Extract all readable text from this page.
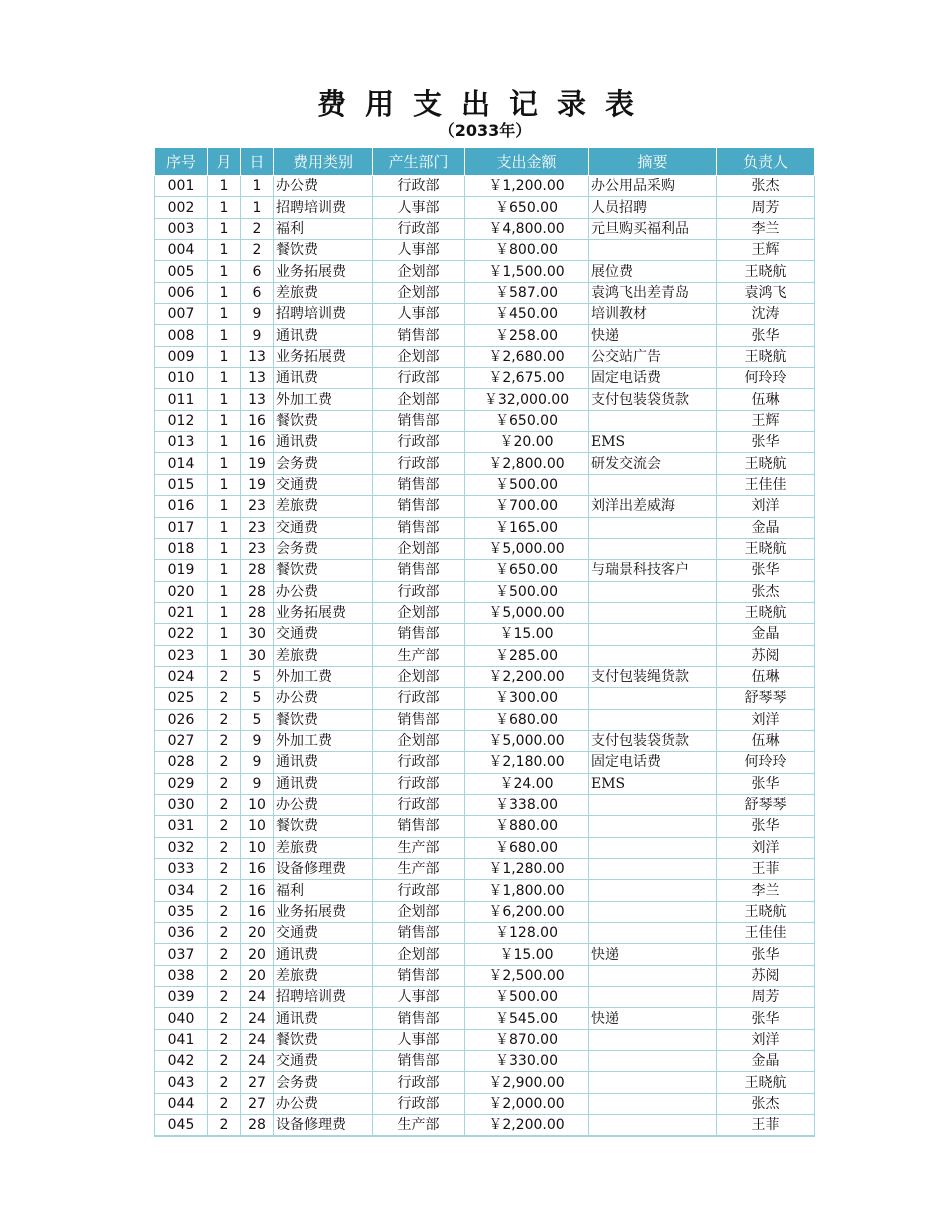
费用支出记录表
（2033年）
序号	月	日	费用类别	产生部门	支出金额	摘要	负责人
001	1	1	办公费	行政部	￥1,200.00	办公用品采购	张杰
002	1	1	招聘培训费	人事部	￥650.00	人员招聘	周芳
003	1	2	福利	行政部	￥4,800.00	元旦购买福利品	李兰
004	1	2	餐饮费	人事部	￥800.00		王辉
005	1	6	业务拓展费	企划部	￥1,500.00	展位费	王晓航
006	1	6	差旅费	企划部	￥587.00	袁鸿飞出差青岛	袁鸿飞
007	1	9	招聘培训费	人事部	￥450.00	培训教材	沈涛
008	1	9	通讯费	销售部	￥258.00	快递	张华
009	1	13	业务拓展费	企划部	￥2,680.00	公交站广告	王晓航
010	1	13	通讯费	行政部	￥2,675.00	固定电话费	何玲玲
011	1	13	外加工费	企划部	￥32,000.00	支付包装袋货款	伍琳
012	1	16	餐饮费	销售部	￥650.00		王辉
013	1	16	通讯费	行政部	￥20.00	EMS	张华
014	1	19	会务费	行政部	￥2,800.00	研发交流会	王晓航
015	1	19	交通费	销售部	￥500.00		王佳佳
016	1	23	差旅费	销售部	￥700.00	刘洋出差威海	刘洋
017	1	23	交通费	销售部	￥165.00		金晶
018	1	23	会务费	企划部	￥5,000.00		王晓航
019	1	28	餐饮费	销售部	￥650.00	与瑞景科技客户	张华
020	1	28	办公费	行政部	￥500.00		张杰
021	1	28	业务拓展费	企划部	￥5,000.00		王晓航
022	1	30	交通费	销售部	￥15.00		金晶
023	1	30	差旅费	生产部	￥285.00		苏阅
024	2	5	外加工费	企划部	￥2,200.00	支付包装绳货款	伍琳
025	2	5	办公费	行政部	￥300.00		舒琴琴
026	2	5	餐饮费	销售部	￥680.00		刘洋
027	2	9	外加工费	企划部	￥5,000.00	支付包装袋货款	伍琳
028	2	9	通讯费	行政部	￥2,180.00	固定电话费	何玲玲
029	2	9	通讯费	行政部	￥24.00	EMS	张华
030	2	10	办公费	行政部	￥338.00		舒琴琴
031	2	10	餐饮费	销售部	￥880.00		张华
032	2	10	差旅费	生产部	￥680.00		刘洋
033	2	16	设备修理费	生产部	￥1,280.00		王菲
034	2	16	福利	行政部	￥1,800.00		李兰
035	2	16	业务拓展费	企划部	￥6,200.00		王晓航
036	2	20	交通费	销售部	￥128.00		王佳佳
037	2	20	通讯费	企划部	￥15.00	快递	张华
038	2	20	差旅费	销售部	￥2,500.00		苏阅
039	2	24	招聘培训费	人事部	￥500.00		周芳
040	2	24	通讯费	销售部	￥545.00	快递	张华
041	2	24	餐饮费	人事部	￥870.00		刘洋
042	2	24	交通费	销售部	￥330.00		金晶
043	2	27	会务费	行政部	￥2,900.00		王晓航
044	2	27	办公费	行政部	￥2,000.00		张杰
045	2	28	设备修理费	生产部	￥2,200.00		王菲
